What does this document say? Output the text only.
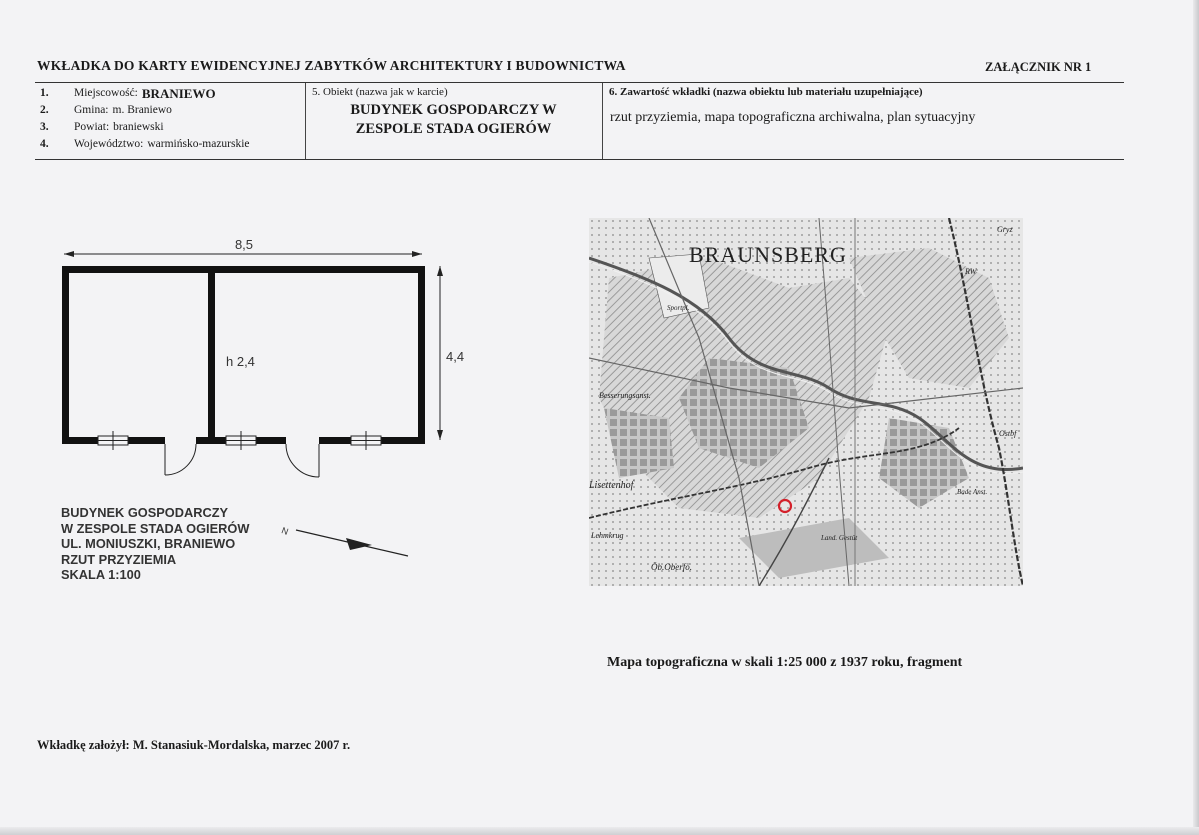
WKŁADKA DO KARTY EWIDENCYJNEJ ZABYTKÓW ARCHITEKTURY I BUDOWNICTWA	ZAŁĄCZNIK NR 1
1.	Miejscowość: BRANIEWO
2.	Gmina: m. Braniewo
3.	Powiat: braniewski
4.	Województwo: warmińsko-mazurskie
5. Obiekt (nazwa jak w karcie)
BUDYNEK GOSPODARCZY W
ZESPOLE STADA OGIERÓW
6. Zawartość wkładki (nazwa obiektu lub materiału uzupełniające)
rzut przyziemia, mapa topograficzna archiwalna, plan sytuacyjny
8,5
4,4
h 2,4
N
BUDYNEK GOSPODARCZY
W ZESPOLE STADA OGIERÓW
UL. MONIUSZKI, BRANIEWO
RZUT PRZYZIEMIA
SKALA 1:100
BRAUNSBERG
Sportpl.
Besserungsanst.
Lisettenhof
Lehmkrug
Öb.Oberfö.
Land. Gestüt
Ostbf
Bade Anst.
RW
Gryz
Mapa topograficzna w skali 1:25 000 z 1937 roku, fragment
Wkładkę założył: M. Stanasiuk-Mordalska, marzec 2007 r.
